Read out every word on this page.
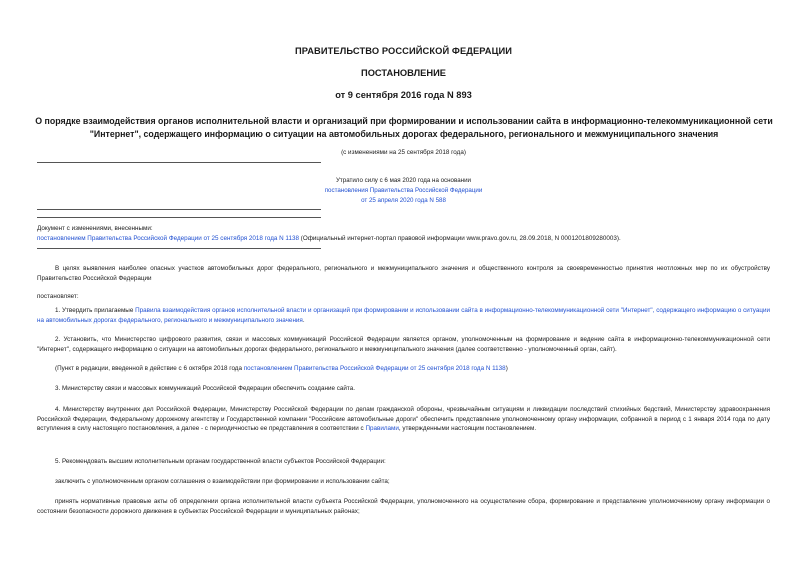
ПРАВИТЕЛЬСТВО РОССИЙСКОЙ ФЕДЕРАЦИИ
ПОСТАНОВЛЕНИЕ
от 9 сентября 2016 года N 893
О порядке взаимодействия органов исполнительной власти и организаций при формировании и использовании сайта в информационно-телекоммуникационной сети "Интернет", содержащего информацию о ситуации на автомобильных дорогах федерального, регионального и межмуниципального значения
(с изменениями на 25 сентября 2018 года)
Утратило силу с 6 мая 2020 года на основании
постановления Правительства Российской Федерации
от 25 апреля 2020 года N 588
Документ с изменениями, внесенными:
постановлением Правительства Российской Федерации от 25 сентября 2018 года N 1138 (Официальный интернет-портал правовой информации www.pravo.gov.ru, 28.09.2018, N 0001201809280003).
В целях выявления наиболее опасных участков автомобильных дорог федерального, регионального и межмуниципального значения и общественного контроля за своевременностью принятия неотложных мер по их обустройству Правительство Российской Федерации
постановляет:
1. Утвердить прилагаемые Правила взаимодействия органов исполнительной власти и организаций при формировании и использовании сайта в информационно-телекоммуникационной сети "Интернет", содержащего информацию о ситуации на автомобильных дорогах федерального, регионального и межмуниципального значения.
2. Установить, что Министерство цифрового развития, связи и массовых коммуникаций Российской Федерации является органом, уполномоченным на формирование и ведение сайта в информационно-телекоммуникационной сети "Интернет", содержащего информацию о ситуации на автомобильных дорогах федерального, регионального и межмуниципального значения (далее соответственно - уполномоченный орган, сайт).
(Пункт в редакции, введенной в действие с 6 октября 2018 года постановлением Правительства Российской Федерации от 25 сентября 2018 года N 1138)
3. Министерству связи и массовых коммуникаций Российской Федерации обеспечить создание сайта.
4. Министерству внутренних дел Российской Федерации, Министерству Российской Федерации по делам гражданской обороны, чрезвычайным ситуациям и ликвидации последствий стихийных бедствий, Министерству здравоохранения Российской Федерации, Федеральному дорожному агентству и Государственной компании "Российские автомобильные дороги" обеспечить представление уполномоченному органу информации, собранной в период с 1 января 2014 года по дату вступления в силу настоящего постановления, а далее - с периодичностью ее представления в соответствии с Правилами, утвержденными настоящим постановлением.
5. Рекомендовать высшим исполнительным органам государственной власти субъектов Российской Федерации:
заключить с уполномоченным органом соглашения о взаимодействии при формировании и использовании сайта;
принять нормативные правовые акты об определении органа исполнительной власти субъекта Российской Федерации, уполномоченного на осуществление сбора, формирование и представление уполномоченному органу информации о состоянии безопасности дорожного движения в субъектах Российской Федерации и муниципальных районах;
